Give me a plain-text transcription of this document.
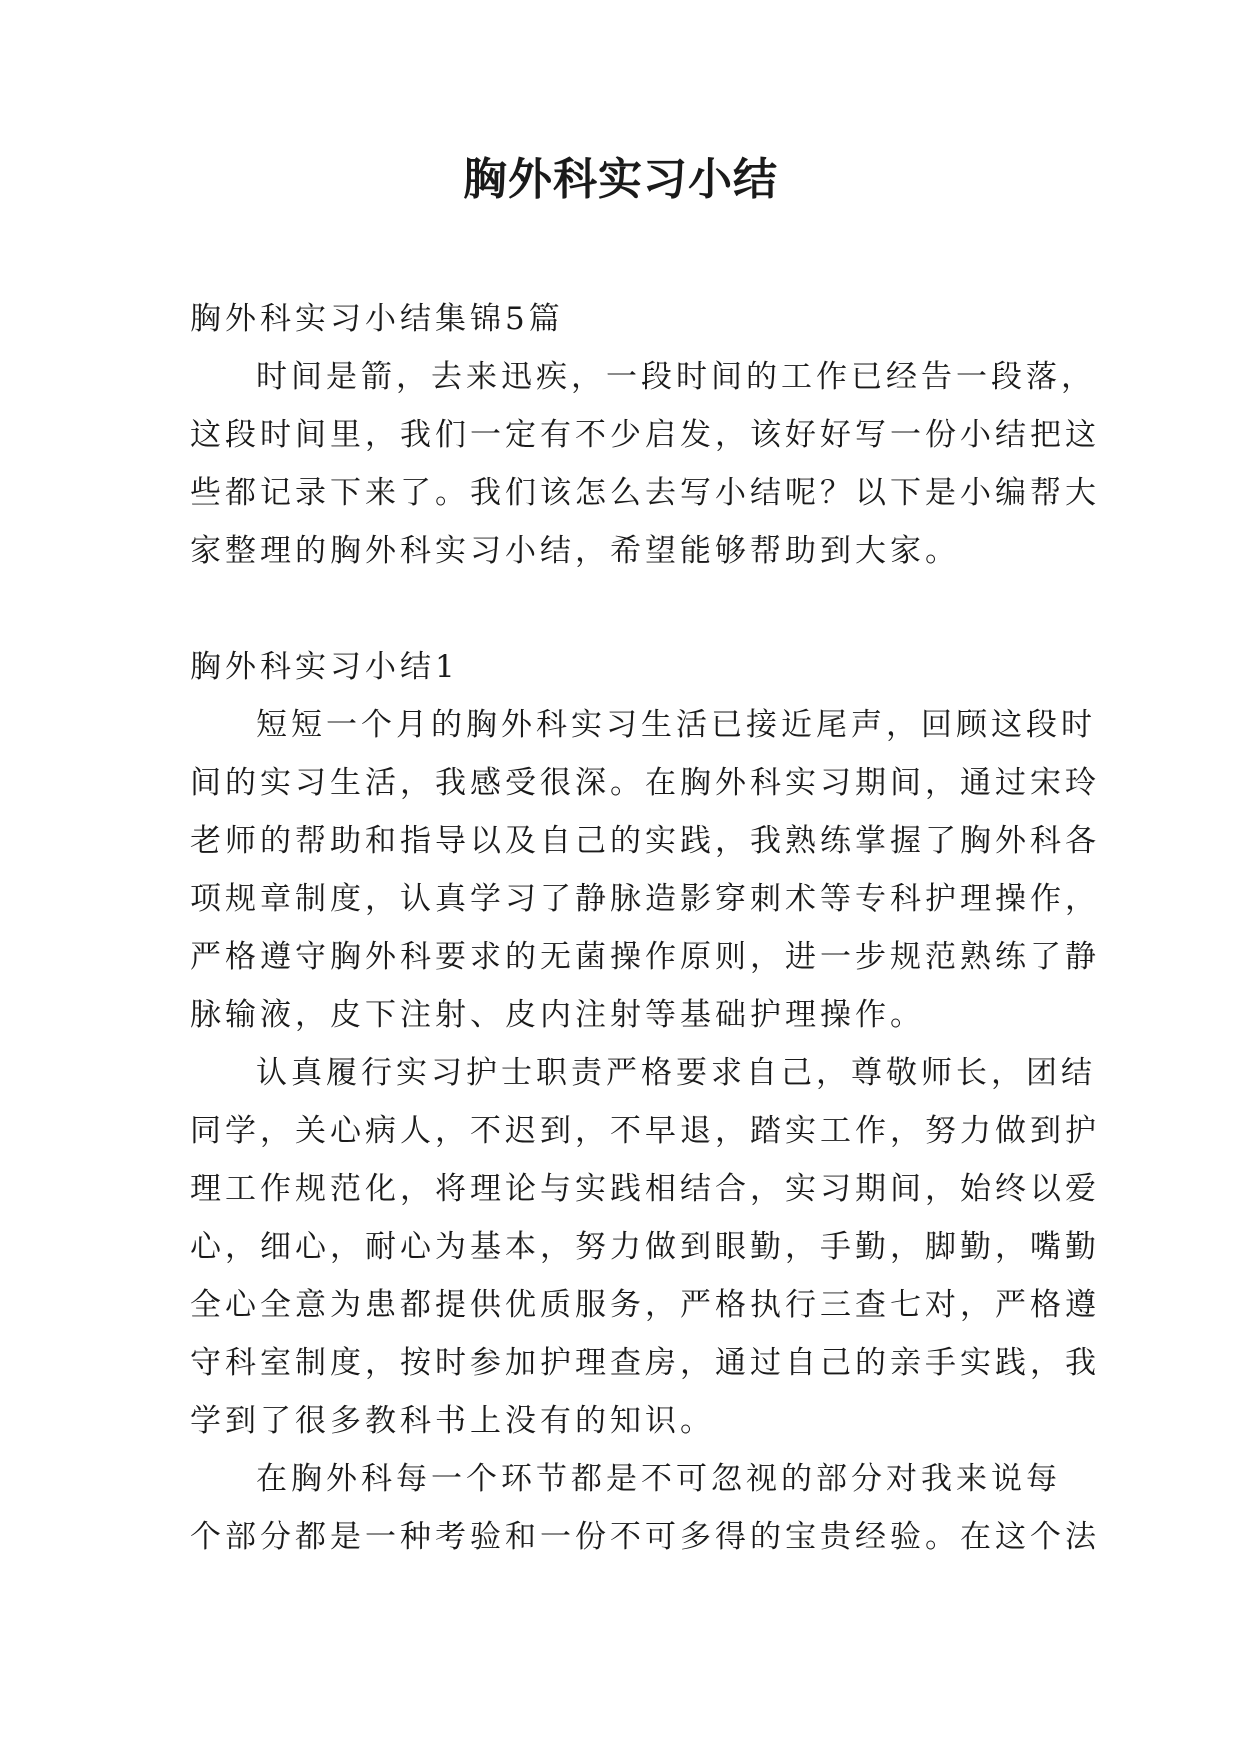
胸外科实习小结
胸外科实习小结集锦5篇
时间是箭，去来迅疾，一段时间的工作已经告一段落，
这段时间里，我们一定有不少启发，该好好写一份小结把这
些都记录下来了。我们该怎么去写小结呢？以下是小编帮大
家整理的胸外科实习小结，希望能够帮助到大家。
胸外科实习小结1
短短一个月的胸外科实习生活已接近尾声，回顾这段时
间的实习生活，我感受很深。在胸外科实习期间，通过宋玲
老师的帮助和指导以及自己的实践，我熟练掌握了胸外科各
项规章制度，认真学习了静脉造影穿刺术等专科护理操作，
严格遵守胸外科要求的无菌操作原则，进一步规范熟练了静
脉输液，皮下注射、皮内注射等基础护理操作。
认真履行实习护士职责严格要求自己，尊敬师长，团结
同学，关心病人，不迟到，不早退，踏实工作，努力做到护
理工作规范化，将理论与实践相结合，实习期间，始终以爱
心，细心，耐心为基本，努力做到眼勤，手勤，脚勤，嘴勤
全心全意为患都提供优质服务，严格执行三查七对，严格遵
守科室制度，按时参加护理查房，通过自己的亲手实践，我
学到了很多教科书上没有的知识。
在胸外科每一个环节都是不可忽视的部分对我来说每
个部分都是一种考验和一份不可多得的宝贵经验。在这个法
